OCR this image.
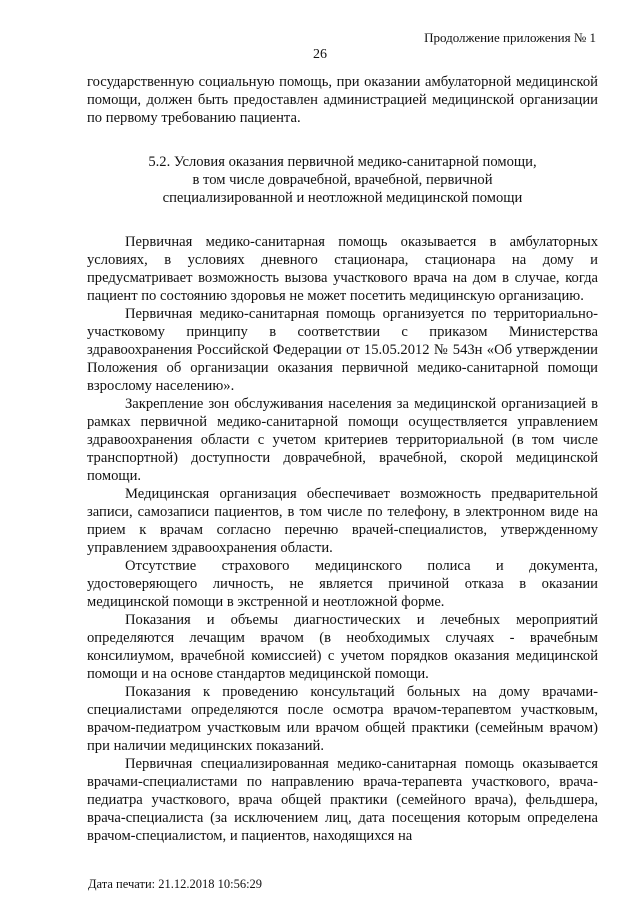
Продолжение приложения № 1
26

государственную социальную помощь, при оказании амбулаторной медицинской помощи, должен быть предоставлен администрацией медицинской организации по первому требованию пациента.

5.2. Условия оказания первичной медико-санитарной помощи,
в том числе доврачебной, врачебной, первичной
специализированной и неотложной медицинской помощи

Первичная медико-санитарная помощь оказывается в амбулаторных условиях, в условиях дневного стационара, стационара на дому и предусматривает возможность вызова участкового врача на дом в случае, когда пациент по состоянию здоровья не может посетить медицинскую организацию.

Первичная медико-санитарная помощь организуется по территориально-участковому принципу в соответствии с приказом Министерства здравоохранения Российской Федерации от 15.05.2012 № 543н «Об утверждении Положения об организации оказания первичной медико-санитарной помощи взрослому населению».

Закрепление зон обслуживания населения за медицинской организацией в рамках первичной медико-санитарной помощи осуществляется управлением здравоохранения области с учетом критериев территориальной (в том числе транспортной) доступности доврачебной, врачебной, скорой медицинской помощи.

Медицинская организация обеспечивает возможность предварительной записи, самозаписи пациентов, в том числе по телефону, в электронном виде на прием к врачам согласно перечню врачей-специалистов, утвержденному управлением здравоохранения области.

Отсутствие страхового медицинского полиса и документа, удостоверяющего личность, не является причиной отказа в оказании медицинской помощи в экстренной и неотложной форме.

Показания и объемы диагностических и лечебных мероприятий определяются лечащим врачом (в необходимых случаях - врачебным консилиумом, врачебной комиссией) с учетом порядков оказания медицинской помощи и на основе стандартов медицинской помощи.

Показания к проведению консультаций больных на дому врачами-специалистами определяются после осмотра врачом-терапевтом участковым, врачом-педиатром участковым или врачом общей практики (семейным врачом) при наличии медицинских показаний.

Первичная специализированная медико-санитарная помощь оказывается врачами-специалистами по направлению врача-терапевта участкового, врача-педиатра участкового, врача общей практики (семейного врача), фельдшера, врача-специалиста (за исключением лиц, дата посещения которым определена врачом-специалистом, и пациентов, находящихся на

Дата печати: 21.12.2018 10:56:29
